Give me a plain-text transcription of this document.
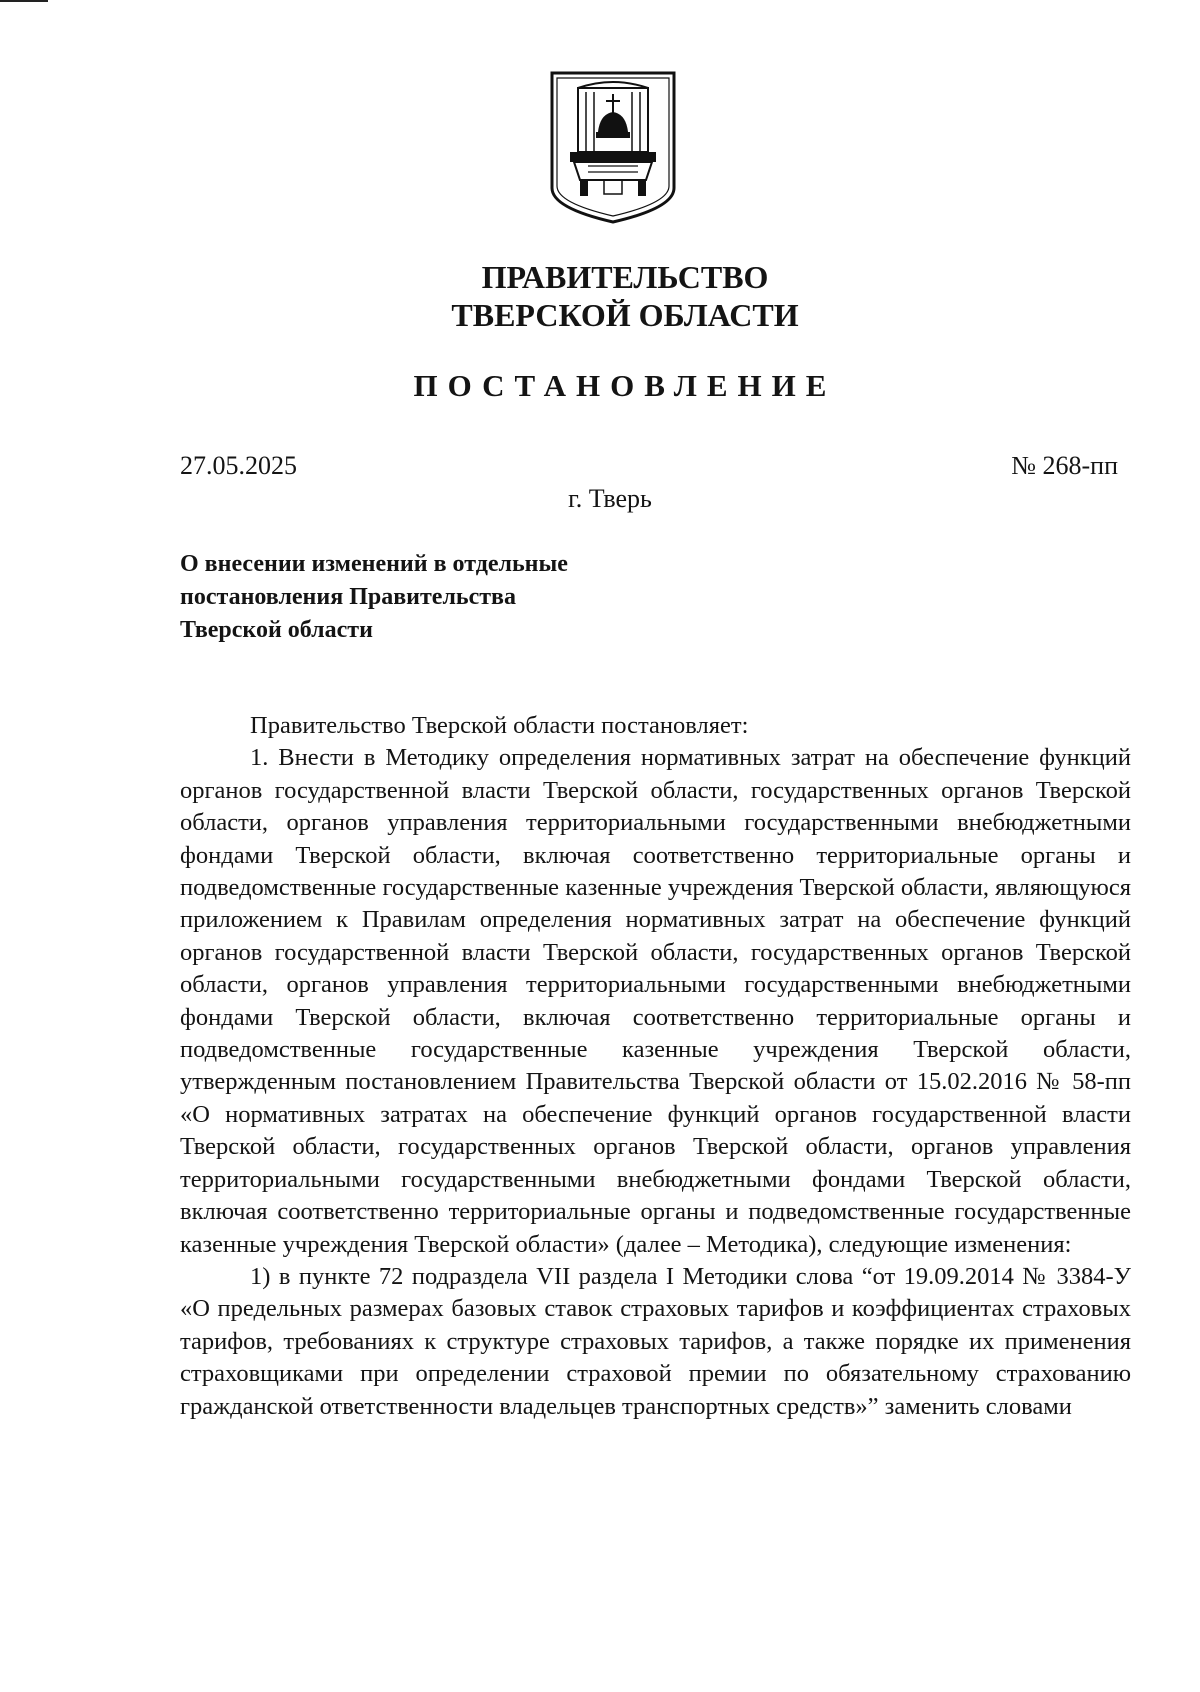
ПРАВИТЕЛЬСТВО
ТВЕРСКОЙ ОБЛАСТИ
ПОСТАНОВЛЕНИЕ
27.05.2025	№ 268-пп
г. Тверь
О внесении изменений в отдельные
постановления Правительства
Тверской области

Правительство Тверской области постановляет:

1. Внести в Методику определения нормативных затрат на обеспечение функций органов государственной власти Тверской области, государственных органов Тверской области, органов управления территориальными государственными внебюджетными фондами Тверской области, включая соответственно территориальные органы и подведомственные государственные казенные учреждения Тверской области, являющуюся приложением к Правилам определения нормативных затрат на обеспечение функций органов государственной власти Тверской области, государственных органов Тверской области, органов управления территориальными государственными внебюджетными фондами Тверской области, включая соответственно территориальные органы и подведомственные государственные казенные учреждения Тверской области, утвержденным постановлением Правительства Тверской области от 15.02.2016 № 58-пп «О нормативных затратах на обеспечение функций органов государственной власти Тверской области, государственных органов Тверской области, органов управления территориальными государственными внебюджетными фондами Тверской области, включая соответственно территориальные органы и подведомственные государственные казенные учреждения Тверской области» (далее – Методика), следующие изменения:

1) в пункте 72 подраздела VII раздела I Методики слова “от 19.09.2014 № 3384-У «О предельных размерах базовых ставок страховых тарифов и коэффициентах страховых тарифов, требованиях к структуре страховых тарифов, а также порядке их применения страховщиками при определении страховой премии по обязательному страхованию гражданской ответственности владельцев транспортных средств»” заменить словами
